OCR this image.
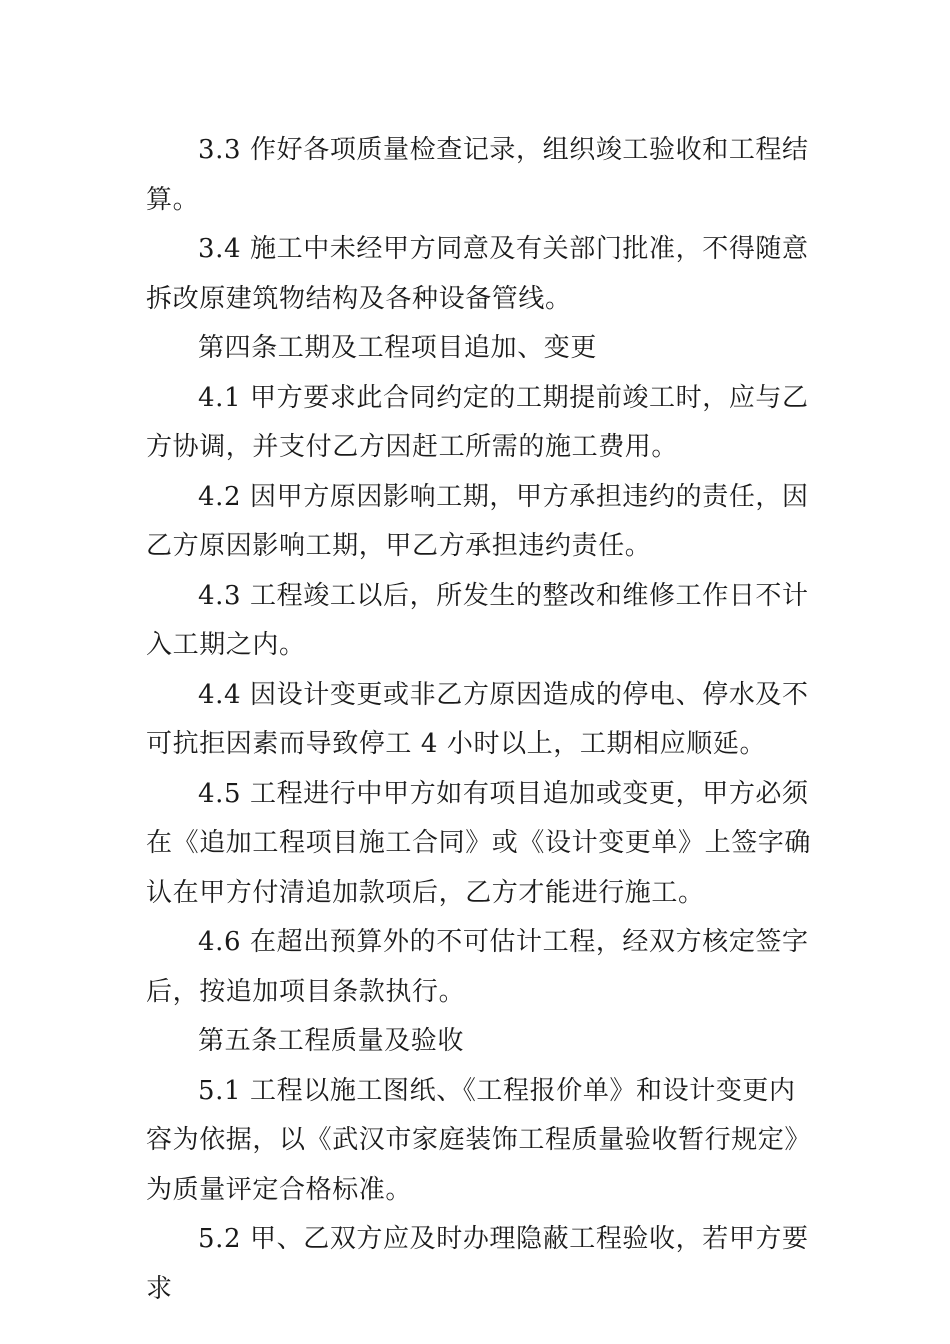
3.3 作好各项质量检查记录，组织竣工验收和工程结算。

3.4 施工中未经甲方同意及有关部门批准，不得随意拆改原建筑物结构及各种设备管线。

第四条工期及工程项目追加、变更

4.1 甲方要求此合同约定的工期提前竣工时，应与乙方协调，并支付乙方因赶工所需的施工费用。

4.2 因甲方原因影响工期，甲方承担违约的责任，因乙方原因影响工期，甲乙方承担违约责任。

4.3 工程竣工以后，所发生的整改和维修工作日不计入工期之内。

4.4 因设计变更或非乙方原因造成的停电、停水及不可抗拒因素而导致停工 4 小时以上，工期相应顺延。

4.5 工程进行中甲方如有项目追加或变更，甲方必须在《追加工程项目施工合同》或《设计变更单》上签字确认在甲方付清追加款项后，乙方才能进行施工。

4.6 在超出预算外的不可估计工程，经双方核定签字后，按追加项目条款执行。

第五条工程质量及验收

5.1 工程以施工图纸、《工程报价单》和设计变更内容为依据，以《武汉市家庭装饰工程质量验收暂行规定》为质量评定合格标准。

5.2 甲、乙双方应及时办理隐蔽工程验收，若甲方要求
